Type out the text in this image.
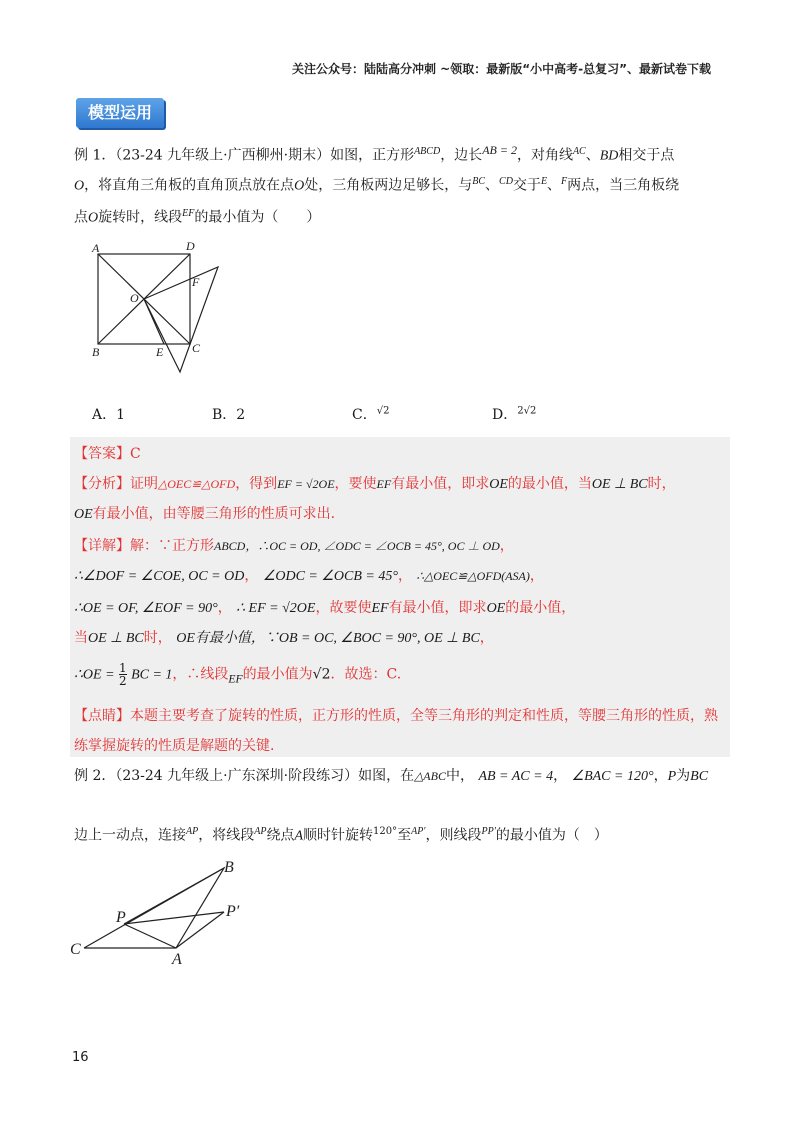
关注公众号：陆陆高分冲刺 ~领取：最新版“小中高考-总复习”、最新试卷下载
模型运用
例 1．（23-24 九年级上·广西柳州·期末）如图，正方形$^{ABCD}$，边长$^{AB = 2}$，对角线$^{AC}$、BD相交于点
O，将直角三角板的直角顶点放在点O处，三角板两边足够长，与$^{BC}$、$^{CD}$交于$^E$、$^F$两点，当三角板绕
点O旋转时，线段$^{EF}$的最小值为（　　）
A	D
O
F
B	E C
A．1	B．2	C．$^{√2}$	D．$^{2√2}$
【答案】C
【分析】证明△OEC≌△OFD，得到EF = √2OE，要使EF有最小值，即求OE的最小值，当OE ⊥ BC时，
OE有最小值，由等腰三角形的性质可求出.
【详解】解：∵正方形ABCD，∴OC = OD, ∠ODC = ∠OCB = 45°, OC ⊥ OD，
∴∠DOF = ∠COE, OC = OD， ∠ODC = ∠OCB = 45°， ∴△OEC≌△OFD(ASA)，
∴OE = OF, ∠EOF = 90°， ∴ EF = √2OE，故要使EF有最小值，即求OE的最小值，
当OE ⊥ BC时， OE有最小值，∵OB = OC, ∠BOC = 90°, OE ⊥ BC，
∴OE = $\frac{1}{2}$ BC = 1，∴线段$_{EF}$的最小值为√2．故选：C.
【点睛】本题主要考查了旋转的性质，正方形的性质，全等三角形的判定和性质，等腰三角形的性质，熟
练掌握旋转的性质是解题的关键.
例 2．（23-24 九年级上·广东深圳·阶段练习）如图，在△ABC中， AB = AC = 4， ∠BAC = 120°，P为BC
边上一动点，连接$^{AP}$，将线段$^{AP}$绕点A顺时针旋转$^{120^\circ}$至$^{AP'}$，则线段$^{PP'}$的最小值为（　）
B
P	P′
C
A
16
